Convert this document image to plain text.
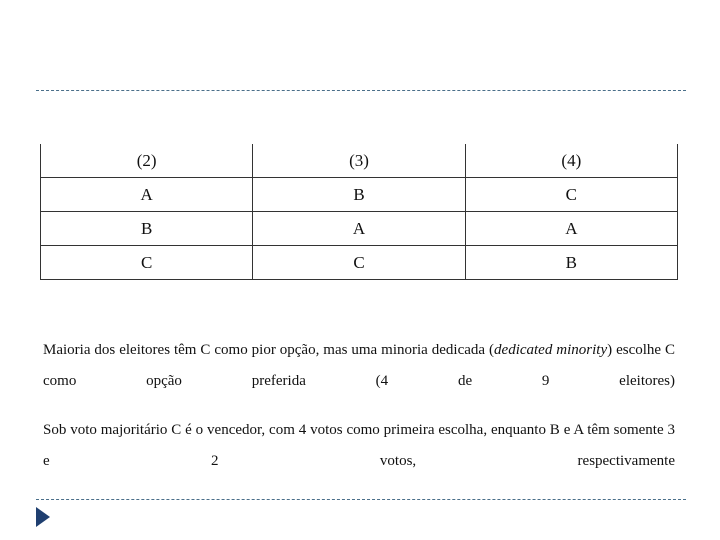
(2)	(3)	(4)
A	B	C
B	A	A
C	C	B

Maioria dos eleitores têm C como pior opção, mas uma minoria dedicada (dedicated minority) escolhe C como opção preferida (4 de 9 eleitores)

Sob voto majoritário C é o vencedor, com 4 votos como primeira escolha, enquanto B e A têm somente 3 e 2 votos, respectivamente
